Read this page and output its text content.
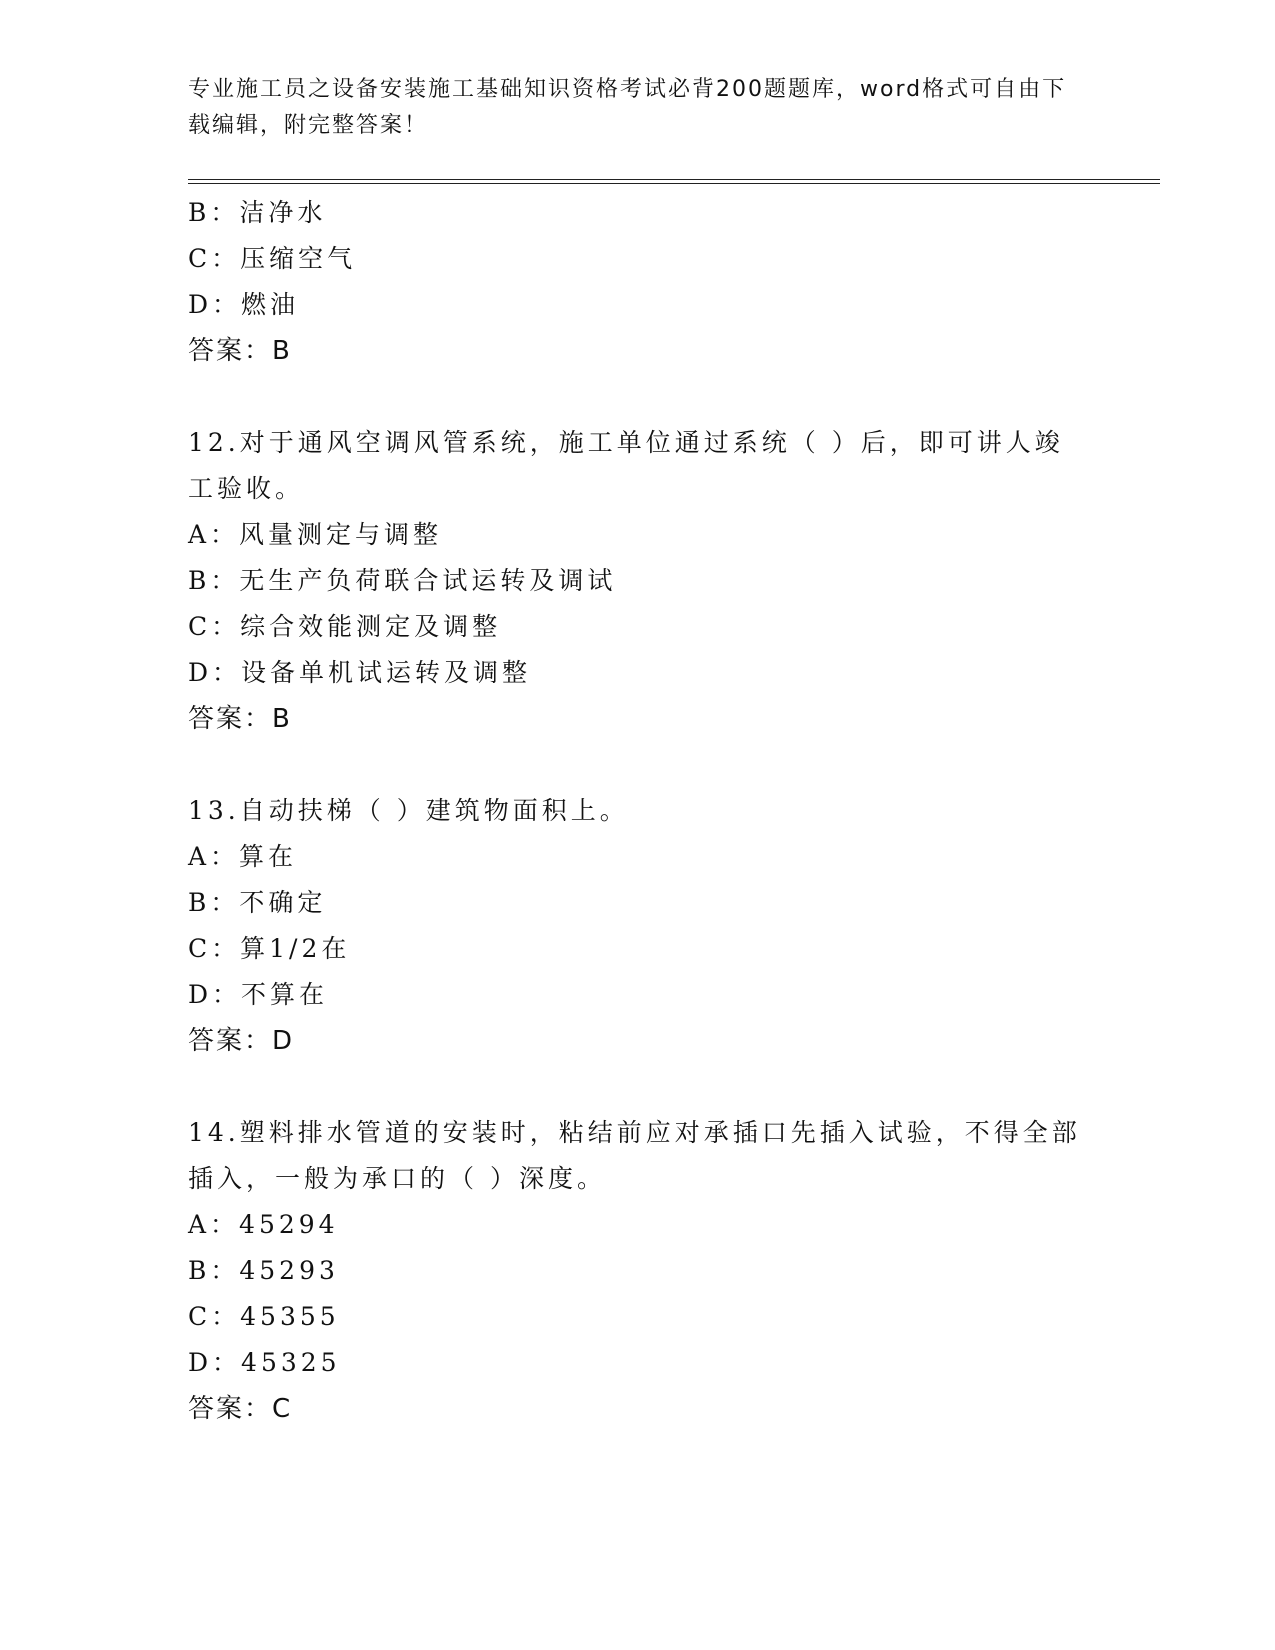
专业施工员之设备安装施工基础知识资格考试必背200题题库，word格式可自由下载编辑，附完整答案！
B：洁净水
C：压缩空气
D：燃油
答案：B
12.对于通风空调风管系统，施工单位通过系统（ ）后，即可讲人竣工验收。
A：风量测定与调整
B：无生产负荷联合试运转及调试
C：综合效能测定及调整
D：设备单机试运转及调整
答案：B
13.自动扶梯（ ）建筑物面积上。
A：算在
B：不确定
C：算1/2在
D：不算在
答案：D
14.塑料排水管道的安装时，粘结前应对承插口先插入试验，不得全部插入，一般为承口的（ ）深度。
A：45294
B：45293
C：45355
D：45325
答案：C
